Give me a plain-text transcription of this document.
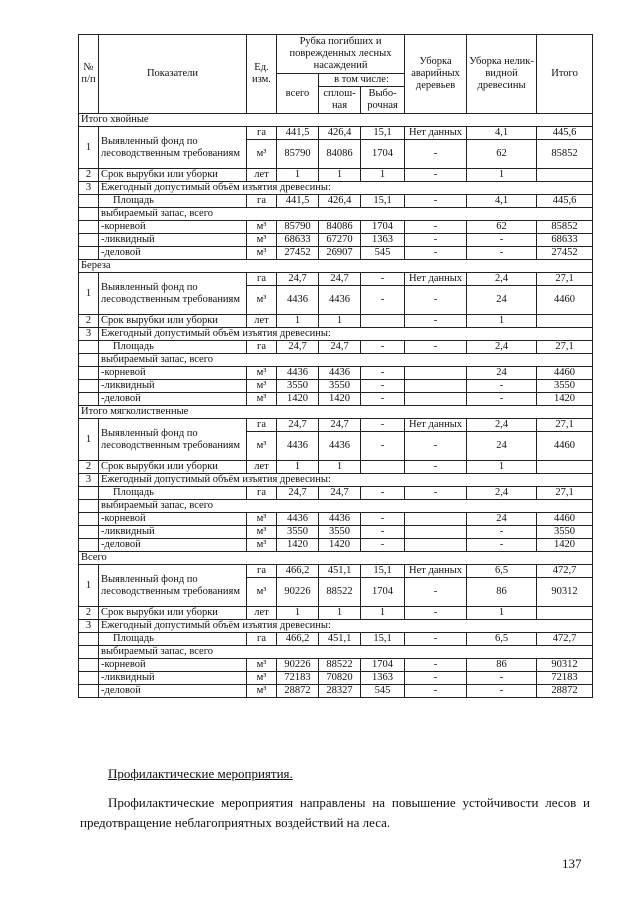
№ п/п	Показатели	Ед. изм.	Рубка погибших и поврежденных лесных насаждений			Уборка аварийных деревьев	Уборка нелик- видной древесины	Итого
			всего	в том числе:				
				сплош- ная	Выбо- рочная			
Итого хвойные								
1	Выявленный фонд по лесоводственным требованиям	га	441,5	426,4	15,1	Нет данных	4,1	445,6
		м³	85790	84086	1704	-	62	85852
2	Срок вырубки или уборки	лет	1	1	1	-	1	
3	Ежегодный допустимый объём изъятия древесины:							
	Площадь	га	441,5	426,4	15,1	-	4,1	445,6
	выбираемый запас, всего							
	-корневой	м³	85790	84086	1704	-	62	85852
	-ликвидный	м³	68633	67270	1363	-	-	68633
	-деловой	м³	27452	26907	545	-	-	27452
Береза								
1	Выявленный фонд по лесоводственным требованиям	га	24,7	24,7	-	Нет данных	2,4	27,1
		м³	4436	4436	-	-	24	4460
2	Срок вырубки или уборки	лет	1	1		-	1	
3	Ежегодный допустимый объём изъятия древесины:							
	Площадь	га	24,7	24,7	-	-	2,4	27,1
	выбираемый запас, всего							
	-корневой	м³	4436	4436	-		24	4460
	-ликвидный	м³	3550	3550	-		-	3550
	-деловой	м³	1420	1420	-		-	1420
Итого мягколиственные								
1	Выявленный фонд по лесоводственным требованиям	га	24,7	24,7	-	Нет данных	2,4	27,1
		м³	4436	4436	-	-	24	4460
2	Срок вырубки или уборки	лет	1	1		-	1	
3	Ежегодный допустимый объём изъятия древесины:							
	Площадь	га	24,7	24,7	-	-	2,4	27,1
	выбираемый запас, всего							
	-корневой	м³	4436	4436	-		24	4460
	-ликвидный	м³	3550	3550	-		-	3550
	-деловой	м³	1420	1420	-		-	1420
Всего								
1	Выявленный фонд по лесоводственным требованиям	га	466,2	451,1	15,1	Нет данных	6,5	472,7
		м³	90226	88522	1704	-	86	90312
2	Срок вырубки или уборки	лет	1	1	1	-	1	
3	Ежегодный допустимый объём изъятия древесины:							
	Площадь	га	466,2	451,1	15,1	-	6,5	472,7
	выбираемый запас, всего							
	-корневой	м³	90226	88522	1704	-	86	90312
	-ликвидный	м³	72183	70820	1363	-	-	72183
	-деловой	м³	28872	28327	545	-	-	28872
Профилактические мероприятия.
Профилактические мероприятия направлены на повышение устойчивости лесов и предотвращение неблагоприятных воздействий на леса.
137
